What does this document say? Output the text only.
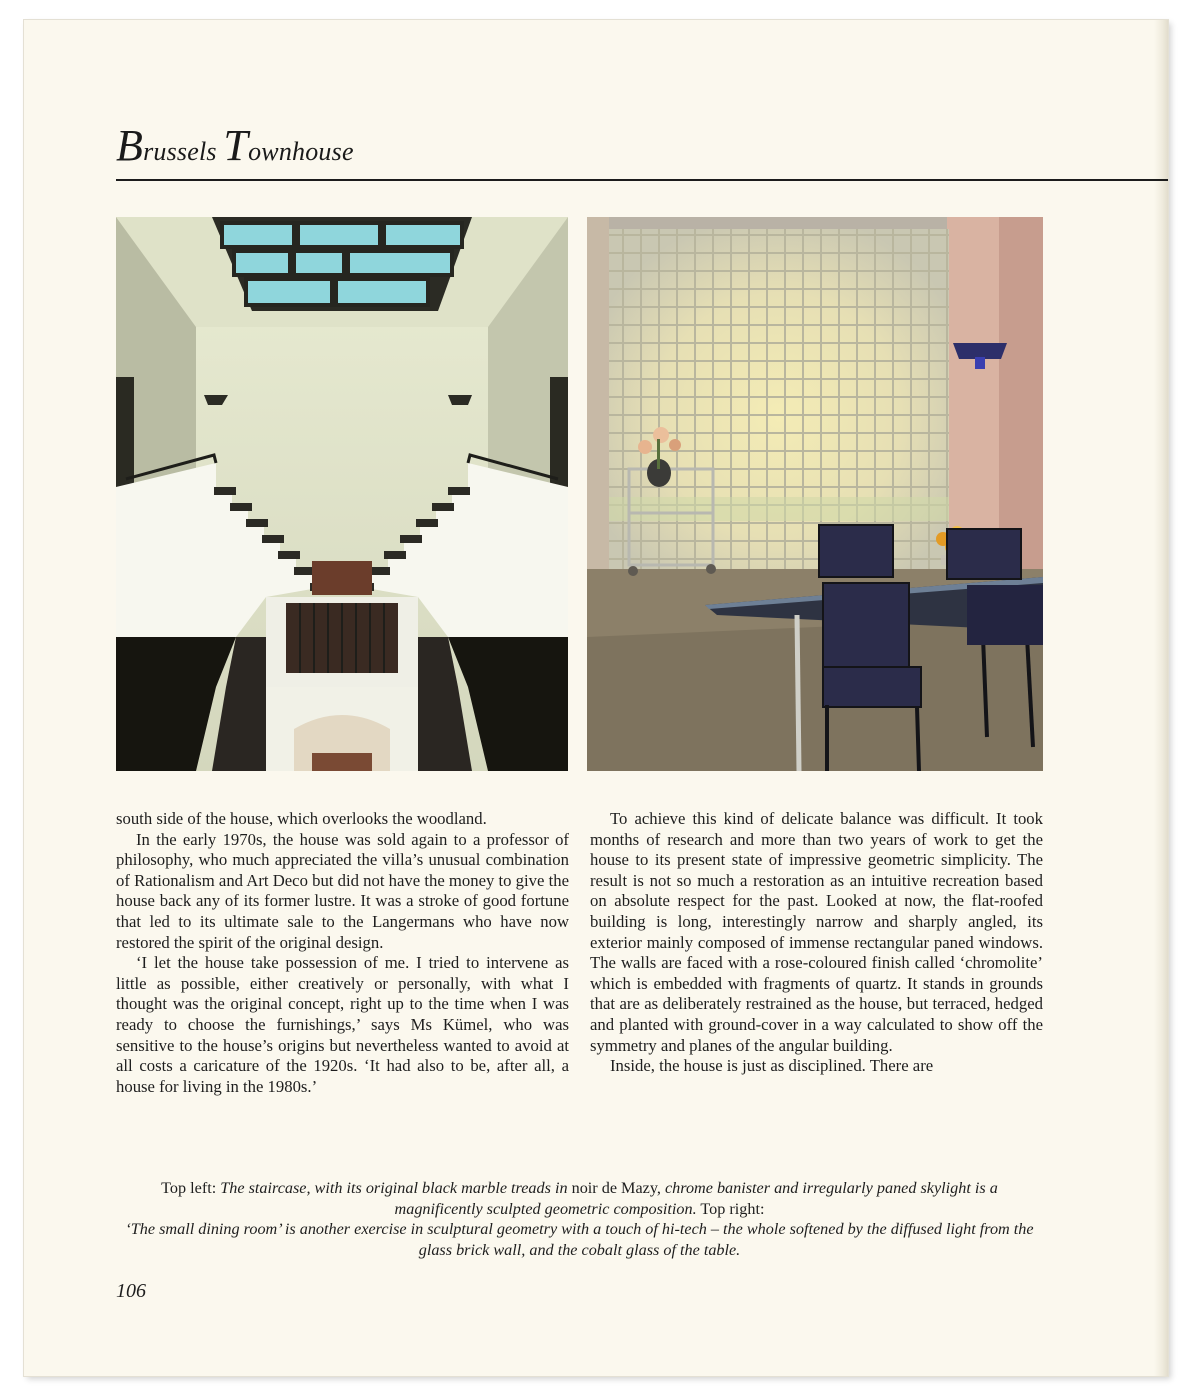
Brussels Townhouse

south side of the house, which overlooks the woodland.

In the early 1970s, the house was sold again to a professor of philosophy, who much appreciated the villa’s unusual combination of Rationalism and Art Deco but did not have the money to give the house back any of its former lustre. It was a stroke of good fortune that led to its ultimate sale to the Langermans who have now restored the spirit of the original design.

‘I let the house take possession of me. I tried to intervene as little as possible, either creatively or personally, with what I thought was the original concept, right up to the time when I was ready to choose the furnishings,’ says Ms Kümel, who was sensitive to the house’s origins but nevertheless wanted to avoid at all costs a caricature of the 1920s. ‘It had also to be, after all, a house for living in the 1980s.’

To achieve this kind of delicate balance was difficult. It took months of research and more than two years of work to get the house to its present state of impressive geometric simplicity. The result is not so much a restoration as an intuitive recreation based on absolute respect for the past. Looked at now, the flat-roofed building is long, interestingly narrow and sharply angled, its exterior mainly composed of immense rectangular paned windows. The walls are faced with a rose-coloured finish called ‘chromolite’ which is embedded with fragments of quartz. It stands in grounds that are as deliberately restrained as the house, but terraced, hedged and planted with ground-cover in a way calculated to show off the symmetry and planes of the angular building.

Inside, the house is just as disciplined. There are

Top left: The staircase, with its original black marble treads in noir de Mazy, chrome banister and irregularly paned skylight is a magnificently sculpted geometric composition. Top right:
‘The small dining room’ is another exercise in sculptural geometry with a touch of hi-tech – the whole softened by the diffused light from the glass brick wall, and the cobalt glass of the table.
106
